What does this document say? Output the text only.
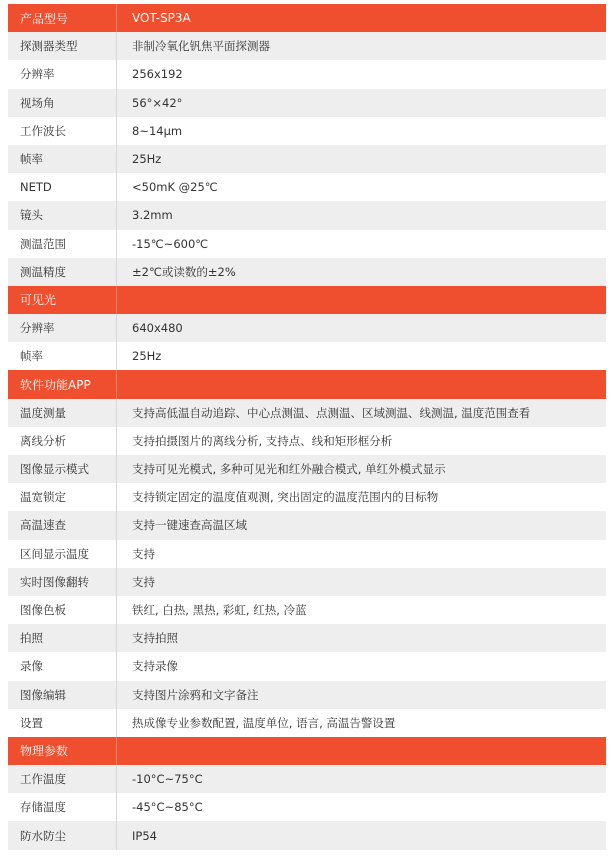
产品型号	VOT-SP3A
探测器类型	非制冷氧化钒焦平面探测器
分辨率	256x192
视场角	56°×42°
工作波长	8~14μm
帧率	25Hz
NETD	<50mK @25℃
镜头	3.2mm
测温范围	-15℃~600℃
测温精度	±2℃或读数的±2%
可见光
分辨率	640x480
帧率	25Hz
软件功能APP
温度测量	支持高低温自动追踪、中心点测温、点测温、区域测温、线测温, 温度范围查看
离线分析	支持拍摄图片的离线分析, 支持点、线和矩形框分析
图像显示模式	支持可见光模式, 多种可见光和红外融合模式, 单红外模式显示
温宽锁定	支持锁定固定的温度值观测, 突出固定的温度范围内的目标物
高温速查	支持一键速查高温区域
区间显示温度	支持
实时图像翻转	支持
图像色板	铁红, 白热, 黑热, 彩虹, 红热, 冷蓝
拍照	支持拍照
录像	支持录像
图像编辑	支持图片涂鸦和文字备注
设置	热成像专业参数配置, 温度单位, 语言, 高温告警设置
物理参数
工作温度	-10°C~75°C
存储温度	-45°C~85°C
防水防尘	IP54
